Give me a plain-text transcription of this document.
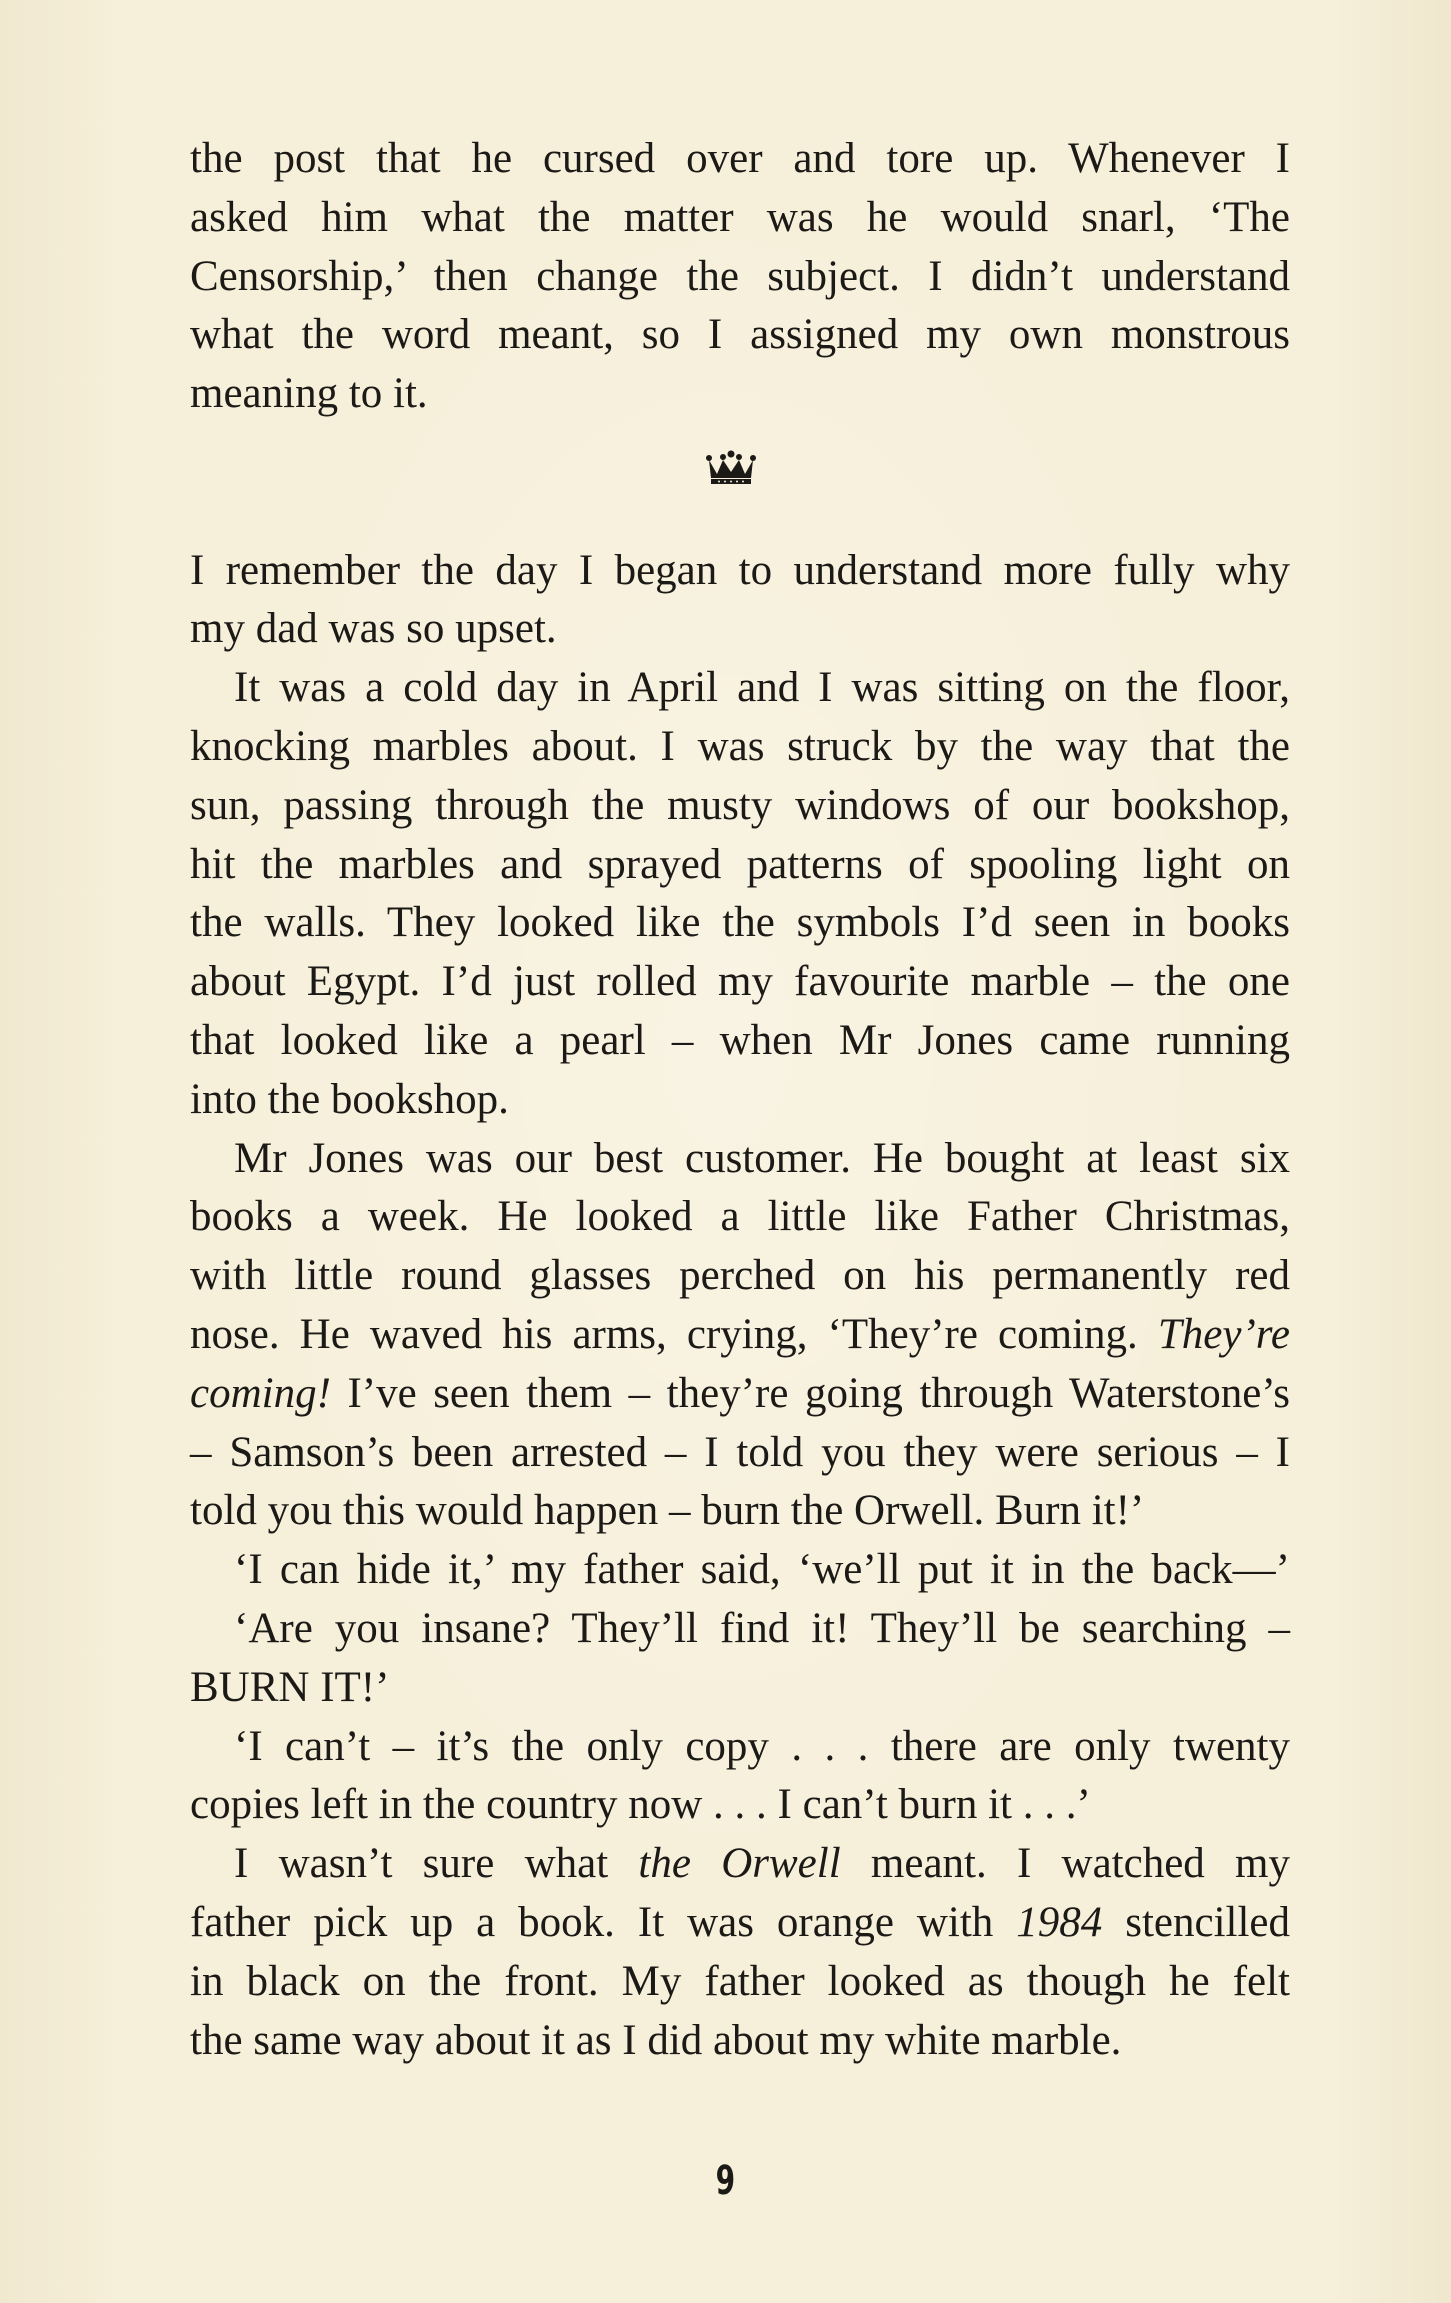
the post that he cursed over and tore up. Whenever I
asked him what the matter was he would snarl, ‘The
Censorship,’ then change the subject. I didn’t understand
what the word meant, so I assigned my own monstrous
meaning to it.
I remember the day I began to understand more fully why
my dad was so upset.
It was a cold day in April and I was sitting on the floor,
knocking marbles about. I was struck by the way that the
sun, passing through the musty windows of our bookshop,
hit the marbles and sprayed patterns of spooling light on
the walls. They looked like the symbols I’d seen in books
about Egypt. I’d just rolled my favourite marble – the one
that looked like a pearl – when Mr Jones came running
into the bookshop.
Mr Jones was our best customer. He bought at least six
books a week. He looked a little like Father Christmas,
with little round glasses perched on his permanently red
nose. He waved his arms, crying, ‘They’re coming. They’re
coming! I’ve seen them – they’re going through Waterstone’s
– Samson’s been arrested – I told you they were serious – I
told you this would happen – burn the Orwell. Burn it!’
‘I can hide it,’ my father said, ‘we’ll put it in the back—’
‘Are you insane? They’ll find it! They’ll be searching –
BURN IT!’
‘I can’t – it’s the only copy . . . there are only twenty
copies left in the country now . . . I can’t burn it . . .’
I wasn’t sure what the Orwell meant. I watched my
father pick up a book. It was orange with 1984 stencilled
in black on the front. My father looked as though he felt
the same way about it as I did about my white marble.
9
